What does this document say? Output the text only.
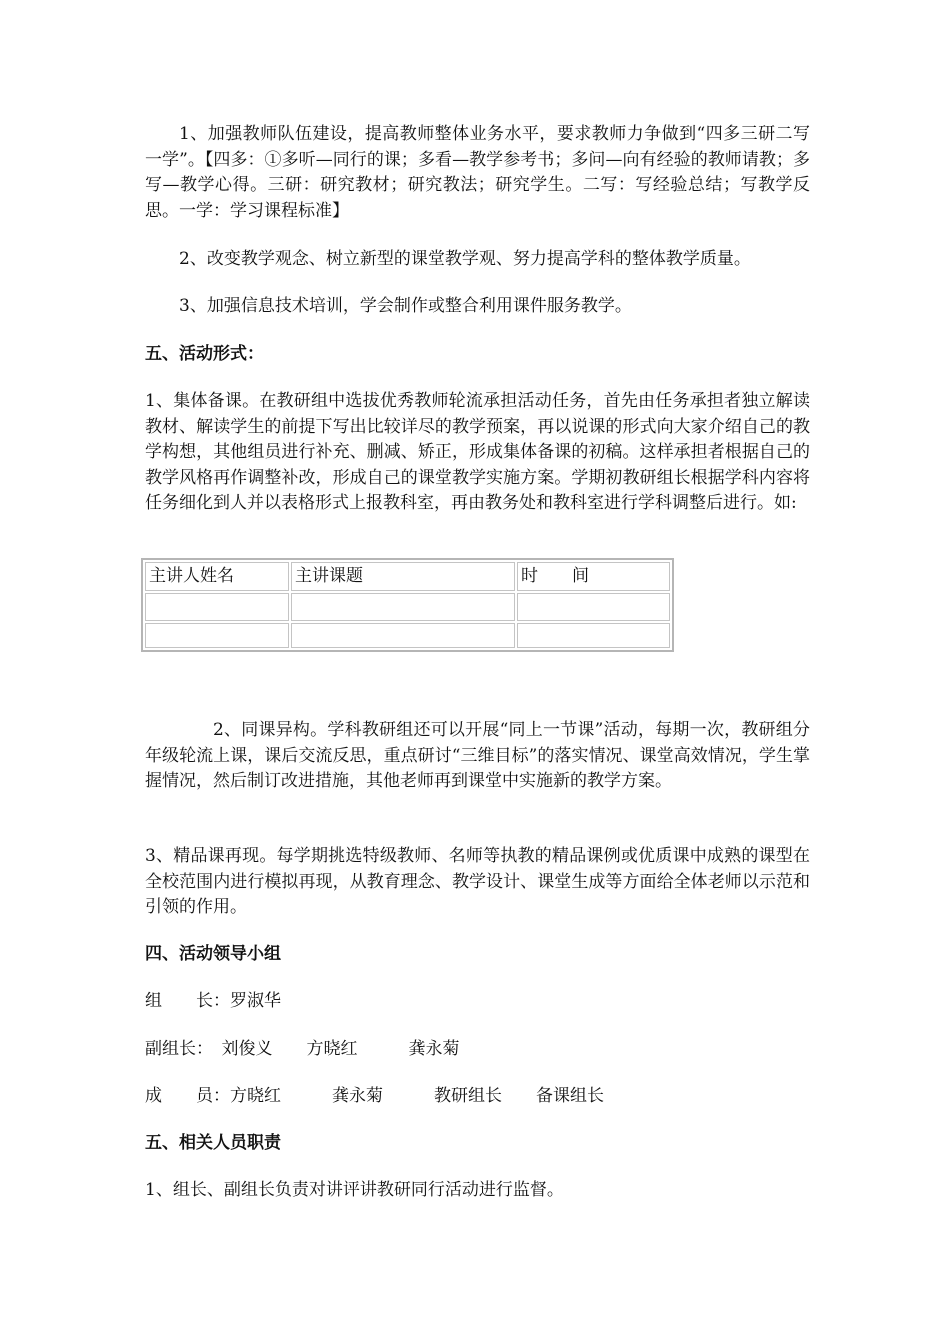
1、加强教师队伍建设，提高教师整体业务水平，要求教师力争做到“四多三研二写一学”。【四多：①多听—同行的课；多看—教学参考书；多问—向有经验的教师请教；多写—教学心得。三研：研究教材；研究教法；研究学生。二写：写经验总结；写教学反思。一学：学习课程标准】

2、改变教学观念、树立新型的课堂教学观、努力提高学科的整体教学质量。

3、加强信息技术培训，学会制作或整合利用课件服务教学。

五、活动形式：

1、集体备课。在教研组中选拔优秀教师轮流承担活动任务，首先由任务承担者独立解读教材、解读学生的前提下写出比较详尽的教学预案，再以说课的形式向大家介绍自己的教学构想，其他组员进行补充、删减、矫正，形成集体备课的初稿。这样承担者根据自己的教学风格再作调整补改，形成自己的课堂教学实施方案。学期初教研组长根据学科内容将任务细化到人并以表格形式上报教科室，再由教务处和教科室进行学科调整后进行。如:

主讲人姓名	主讲课题	时　　间

2、同课异构。学科教研组还可以开展“同上一节课”活动，每期一次，教研组分年级轮流上课，课后交流反思，重点研讨“三维目标”的落实情况、课堂高效情况，学生掌握情况，然后制订改进措施，其他老师再到课堂中实施新的教学方案。

3、精品课再现。每学期挑选特级教师、名师等执教的精品课例或优质课中成熟的课型在全校范围内进行模拟再现，从教育理念、教学设计、课堂生成等方面给全体老师以示范和引领的作用。

四、活动领导小组

组　　长：罗淑华

副组长：　刘俊义　　方晓红　　　龚永菊

成　　员：方晓红　　　龚永菊　　　教研组长　　备课组长

五、相关人员职责

1、组长、副组长负责对讲评讲教研同行活动进行监督。
